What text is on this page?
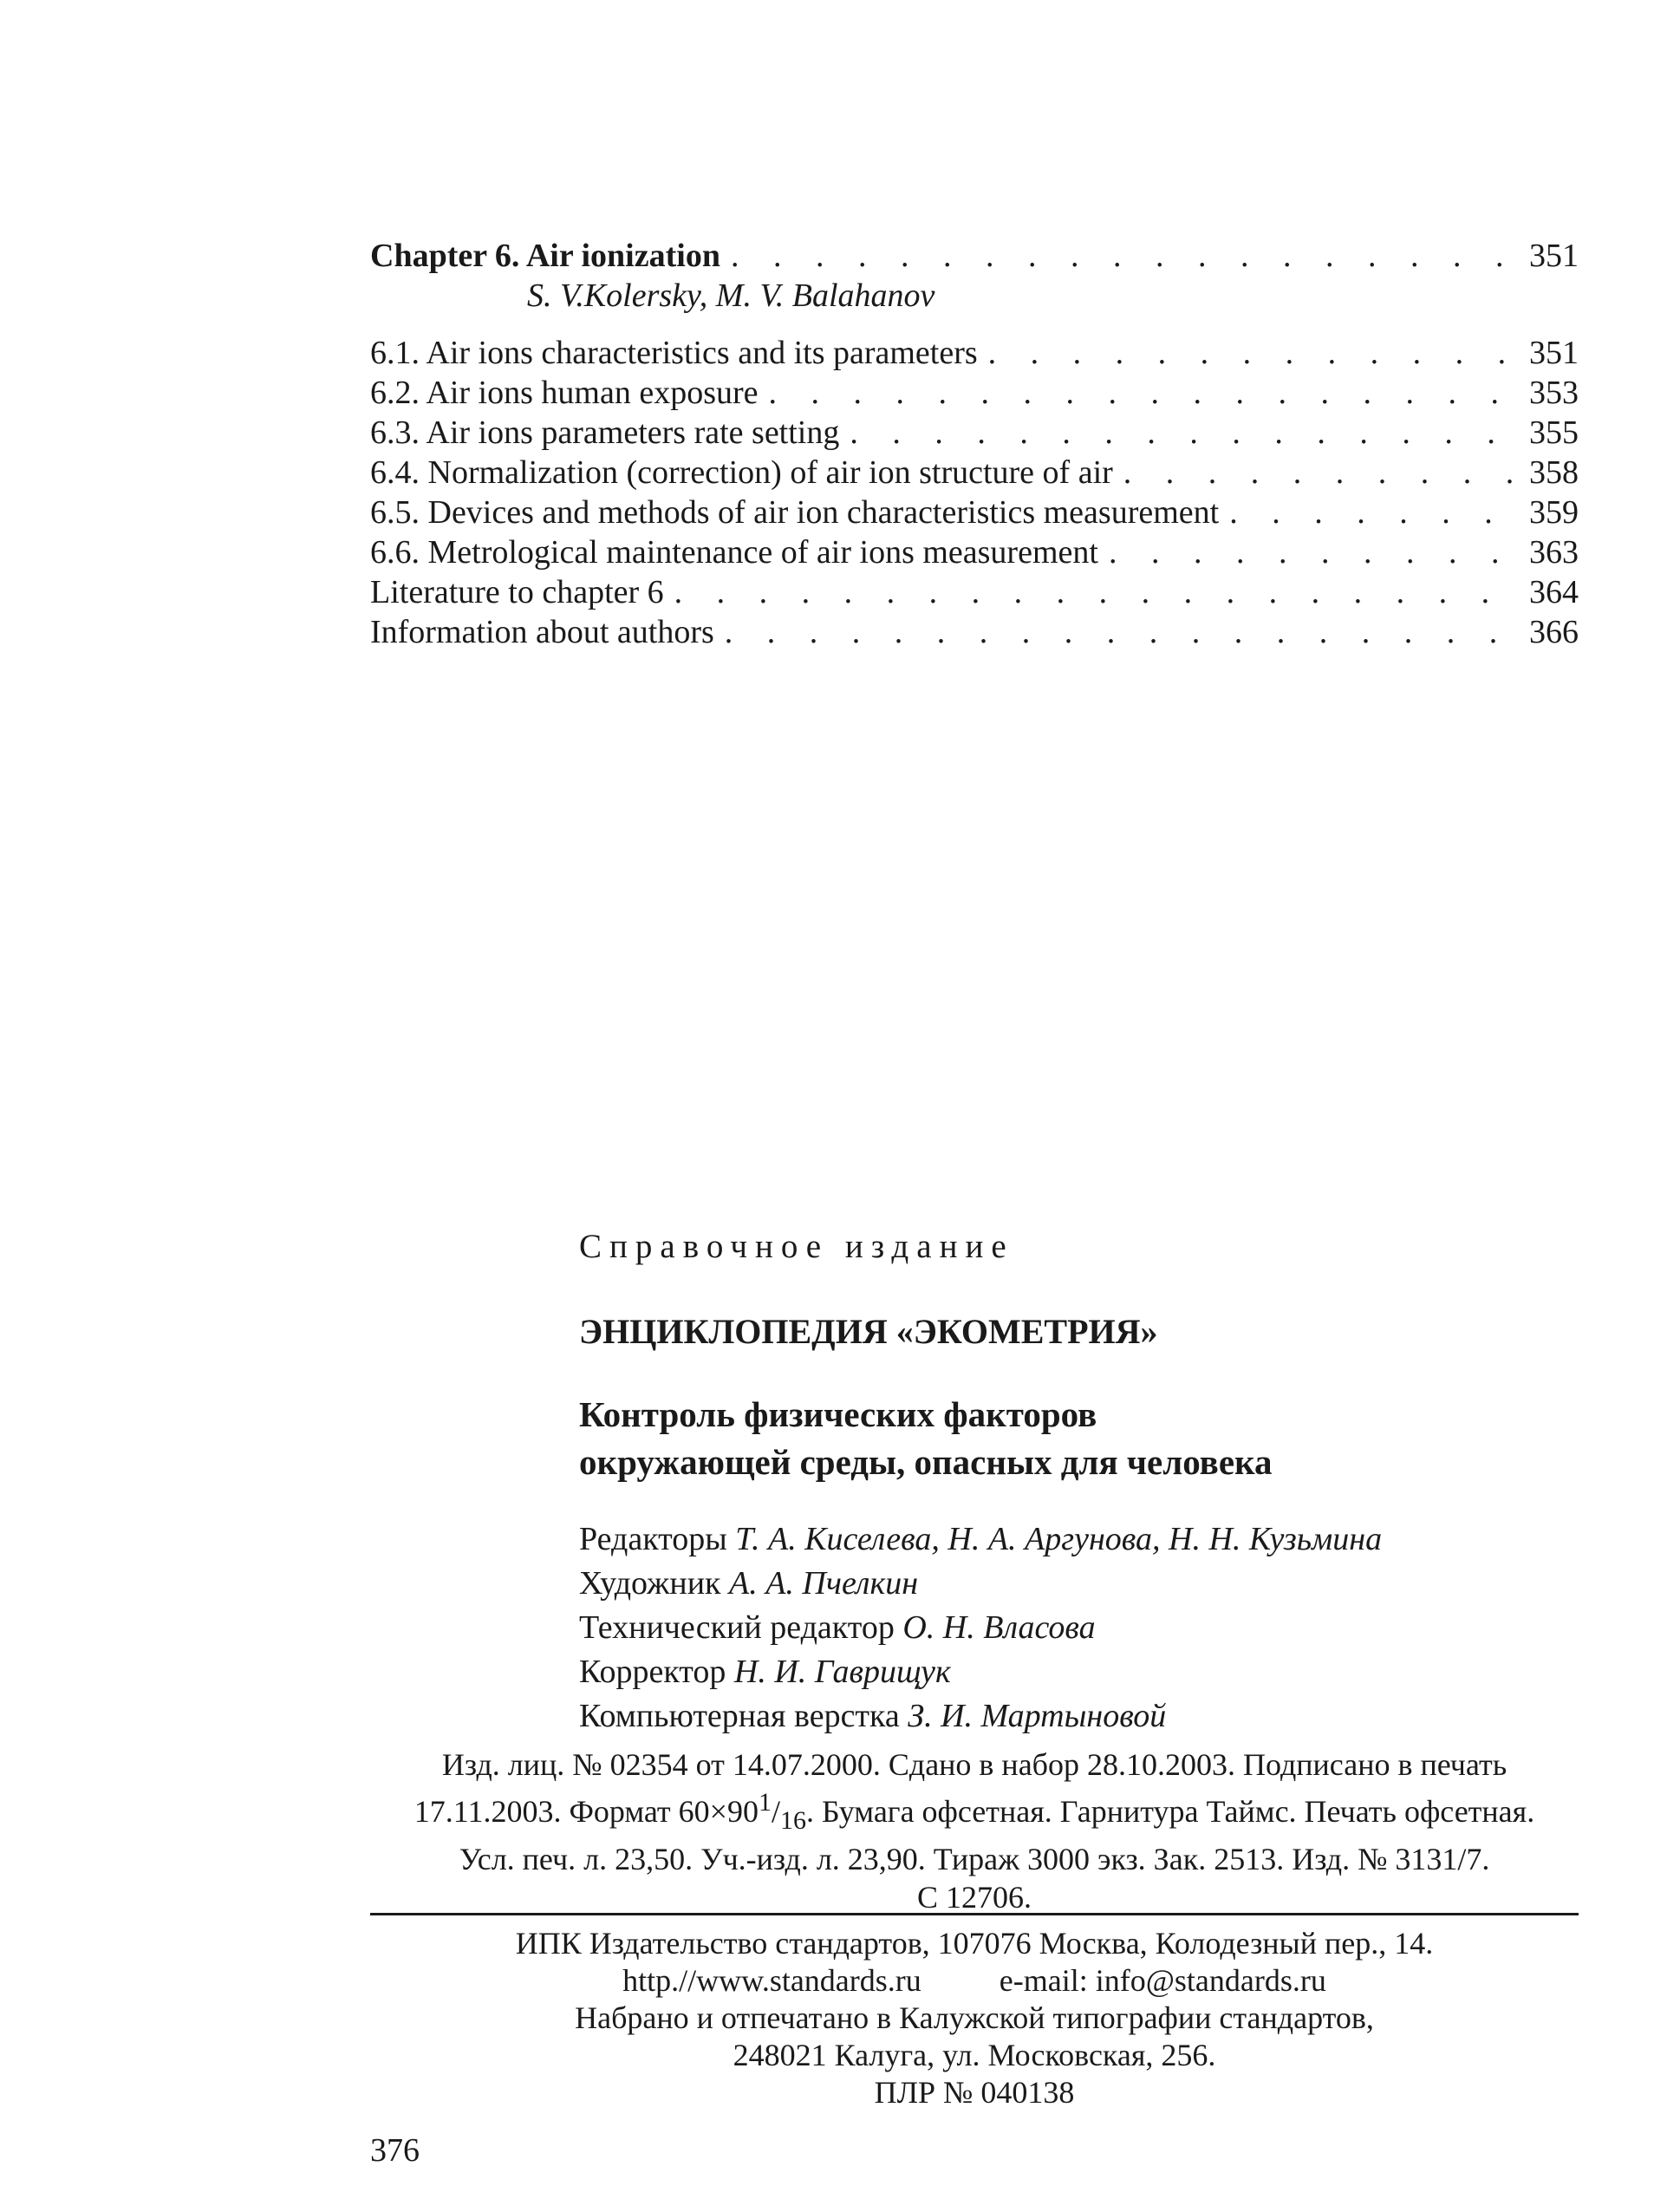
Chapter 6. Air ionization . . .	351
S. V.Kolersky, M. V. Balahanov
6.1. Air ions characteristics and its parameters . . .	351
6.2. Air ions human exposure . . .	353
6.3. Air ions parameters rate setting . . .	355
6.4. Normalization (correction) of air ion structure of air . . .	358
6.5. Devices and methods of air ion characteristics measurement . . .	359
6.6. Metrological maintenance of air ions measurement . . .	363
Literature to chapter 6 . . .	364
Information about authors . . .	366

Справочное издание

ЭНЦИКЛОПЕДИЯ «ЭКОМЕТРИЯ»
Контроль физических факторов
окружающей среды, опасных для человека
Редакторы Т. А. Киселева, Н. А. Аргунова, Н. Н. Кузьмина
Художник А. А. Пчелкин
Технический редактор О. Н. Власова
Корректор Н. И. Гаврищук
Компьютерная верстка З. И. Мартыновой
Изд. лиц. № 02354 от 14.07.2000. Сдано в набор 28.10.2003. Подписано в печать
17.11.2003. Формат $60\times 90^1/_{16}$. Бумага офсетная. Гарнитура Таймс. Печать офсетная.
Усл. печ. л. 23,50. Уч.-изд. л. 23,90. Тираж 3000 экз. Зак. 2513. Изд. № 3131/7.
С 12706.
ИПК Издательство стандартов, 107076 Москва, Колодезный пер., 14.
http.//www.standards.ru	e-mail: info@standards.ru
Набрано и отпечатано в Калужской типографии стандартов,
248021 Калуга, ул. Московская, 256.
ПЛР № 040138
376
